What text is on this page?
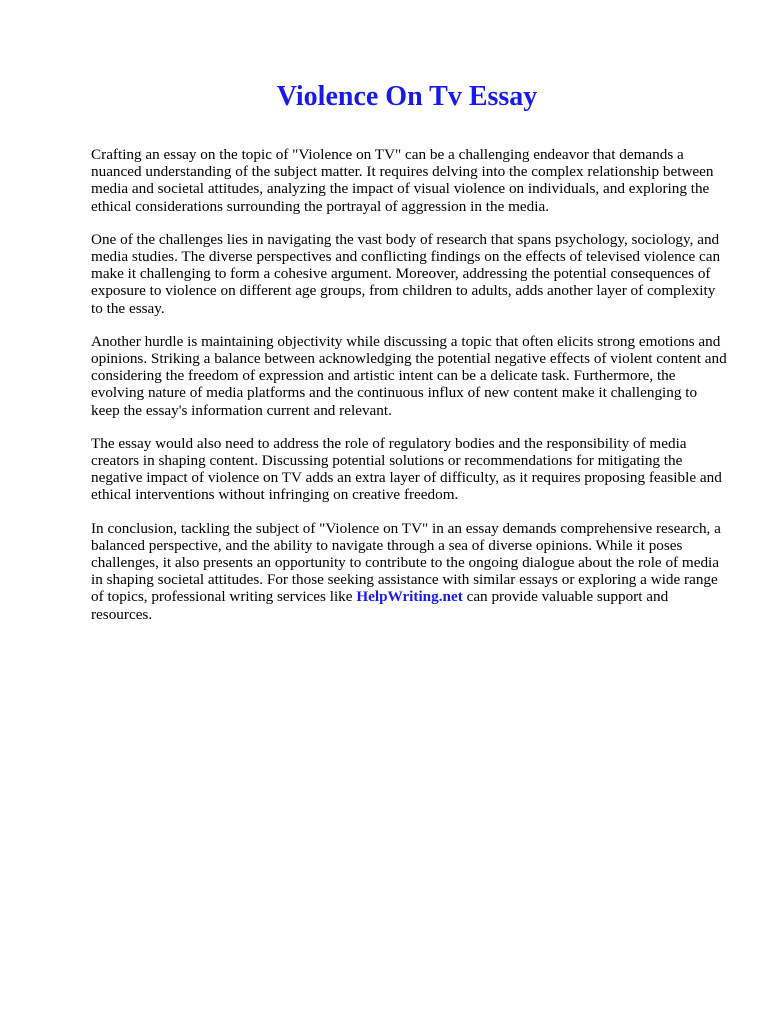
Violence On Tv Essay

Crafting an essay on the topic of "Violence on TV" can be a challenging endeavor that demands a nuanced understanding of the subject matter. It requires delving into the complex relationship between media and societal attitudes, analyzing the impact of visual violence on individuals, and exploring the ethical considerations surrounding the portrayal of aggression in the media.

One of the challenges lies in navigating the vast body of research that spans psychology, sociology, and media studies. The diverse perspectives and conflicting findings on the effects of televised violence can make it challenging to form a cohesive argument. Moreover, addressing the potential consequences of exposure to violence on different age groups, from children to adults, adds another layer of complexity to the essay.

Another hurdle is maintaining objectivity while discussing a topic that often elicits strong emotions and opinions. Striking a balance between acknowledging the potential negative effects of violent content and considering the freedom of expression and artistic intent can be a delicate task. Furthermore, the evolving nature of media platforms and the continuous influx of new content make it challenging to keep the essay's information current and relevant.

The essay would also need to address the role of regulatory bodies and the responsibility of media creators in shaping content. Discussing potential solutions or recommendations for mitigating the negative impact of violence on TV adds an extra layer of difficulty, as it requires proposing feasible and ethical interventions without infringing on creative freedom.

In conclusion, tackling the subject of "Violence on TV" in an essay demands comprehensive research, a balanced perspective, and the ability to navigate through a sea of diverse opinions. While it poses challenges, it also presents an opportunity to contribute to the ongoing dialogue about the role of media in shaping societal attitudes. For those seeking assistance with similar essays or exploring a wide range of topics, professional writing services like HelpWriting.net can provide valuable support and resources.
